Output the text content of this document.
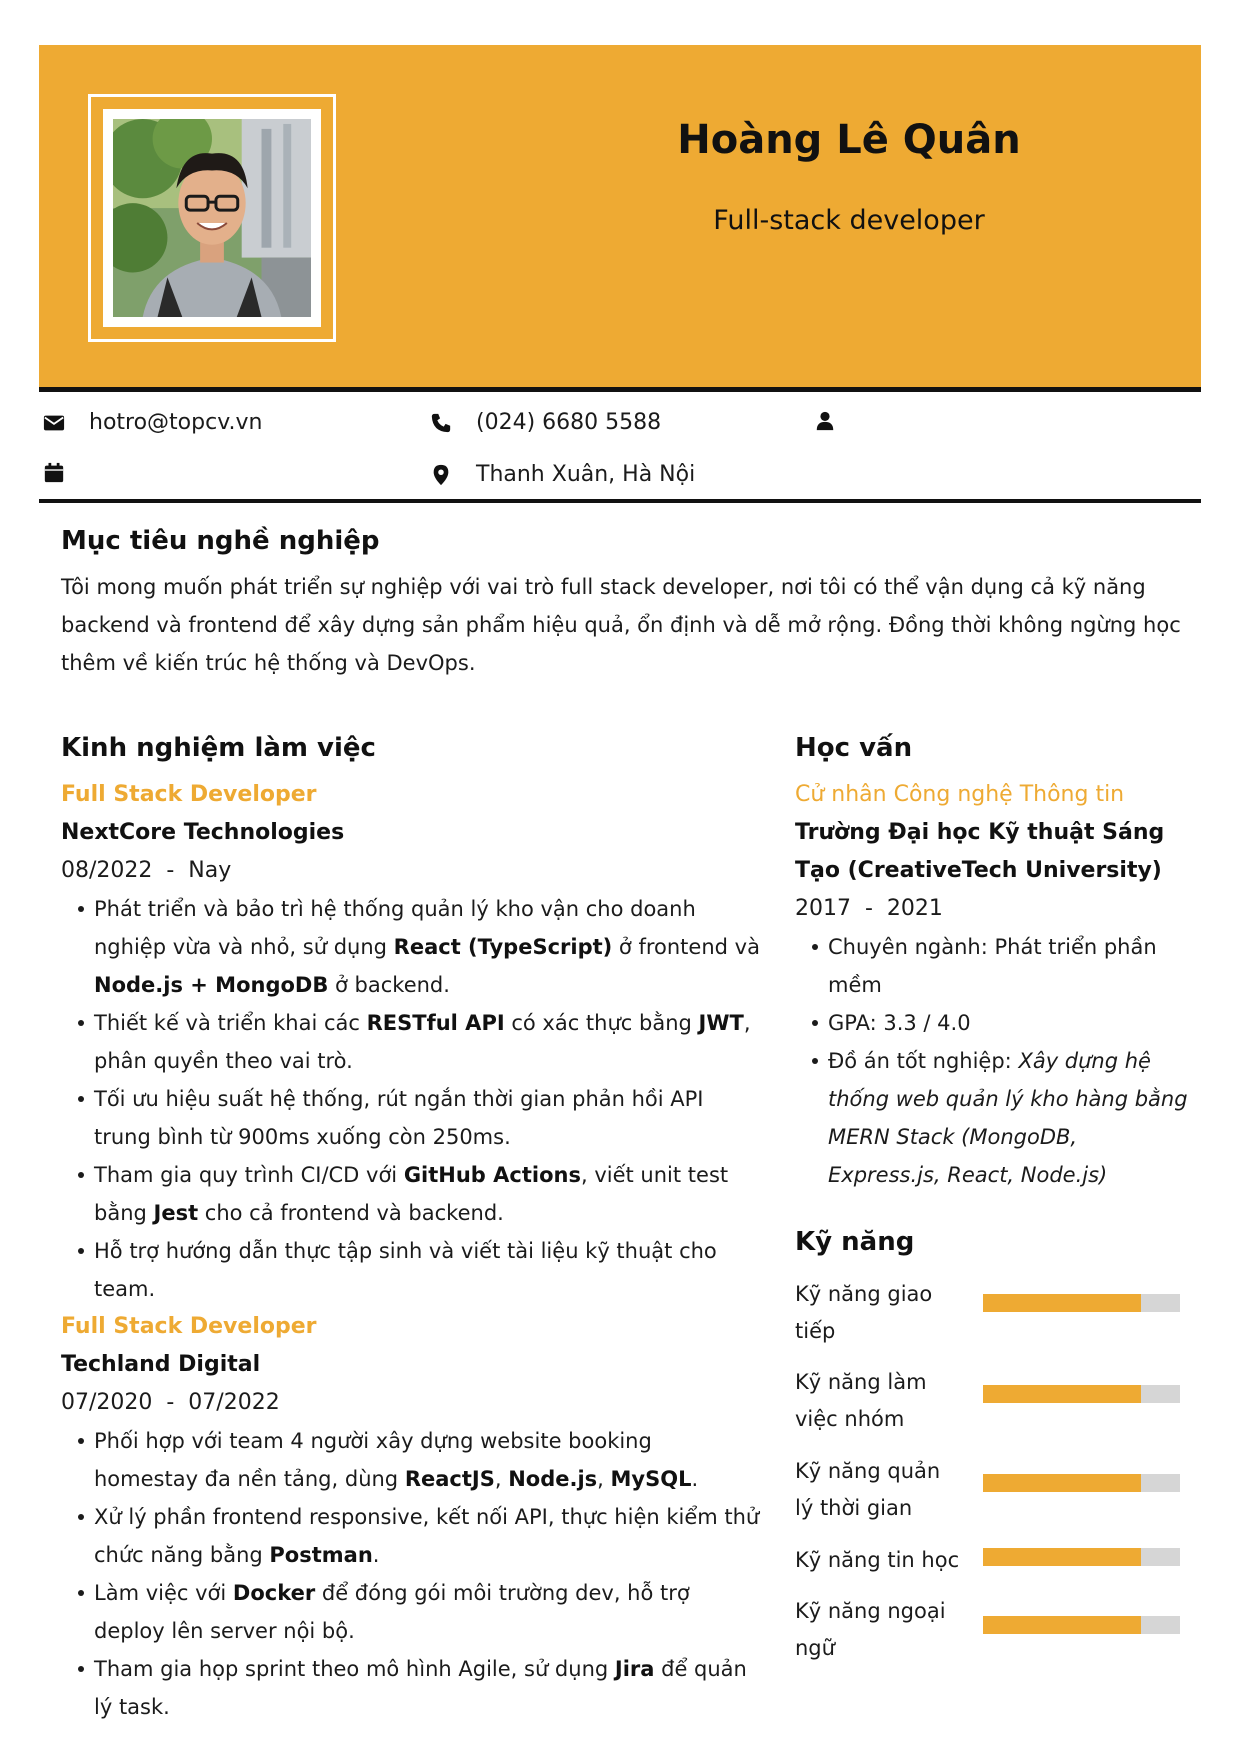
Hoàng Lê Quân
Full-stack developer
hotro@topcv.vn	(024) 6680 5588
Thanh Xuân, Hà Nội
Mục tiêu nghề nghiệp

Tôi mong muốn phát triển sự nghiệp với vai trò full stack developer, nơi tôi có thể vận dụng cả kỹ năng backend và frontend để xây dựng sản phẩm hiệu quả, ổn định và dễ mở rộng. Đồng thời không ngừng học thêm về kiến trúc hệ thống và DevOps.

Kinh nghiệm làm việc

Full Stack Developer

NextCore Technologies

08/2022  -  Nay

Phát triển và bảo trì hệ thống quản lý kho vận cho doanh nghiệp vừa và nhỏ, sử dụng React (TypeScript) ở frontend và Node.js + MongoDB ở backend.
Thiết kế và triển khai các RESTful API có xác thực bằng JWT, phân quyền theo vai trò.
Tối ưu hiệu suất hệ thống, rút ngắn thời gian phản hồi API trung bình từ 900ms xuống còn 250ms.
Tham gia quy trình CI/CD với GitHub Actions, viết unit test bằng Jest cho cả frontend và backend.
Hỗ trợ hướng dẫn thực tập sinh và viết tài liệu kỹ thuật cho team.

Full Stack Developer

Techland Digital

07/2020  -  07/2022

Phối hợp với team 4 người xây dựng website booking homestay đa nền tảng, dùng ReactJS, Node.js, MySQL.
Xử lý phần frontend responsive, kết nối API, thực hiện kiểm thử chức năng bằng Postman.
Làm việc với Docker để đóng gói môi trường dev, hỗ trợ deploy lên server nội bộ.
Tham gia họp sprint theo mô hình Agile, sử dụng Jira để quản lý task.
Học vấn

Cử nhân Công nghệ Thông tin

Trường Đại học Kỹ thuật Sáng Tạo (CreativeTech University)

2017  -  2021

Chuyên ngành: Phát triển phần mềm
GPA: 3.3 / 4.0
Đồ án tốt nghiệp: Xây dựng hệ thống web quản lý kho hàng bằng MERN Stack (MongoDB, Express.js, React, Node.js)
Kỹ năng
Kỹ năng giao tiếp
Kỹ năng làm việc nhóm
Kỹ năng quản lý thời gian
Kỹ năng tin học
Kỹ năng ngoại ngữ
